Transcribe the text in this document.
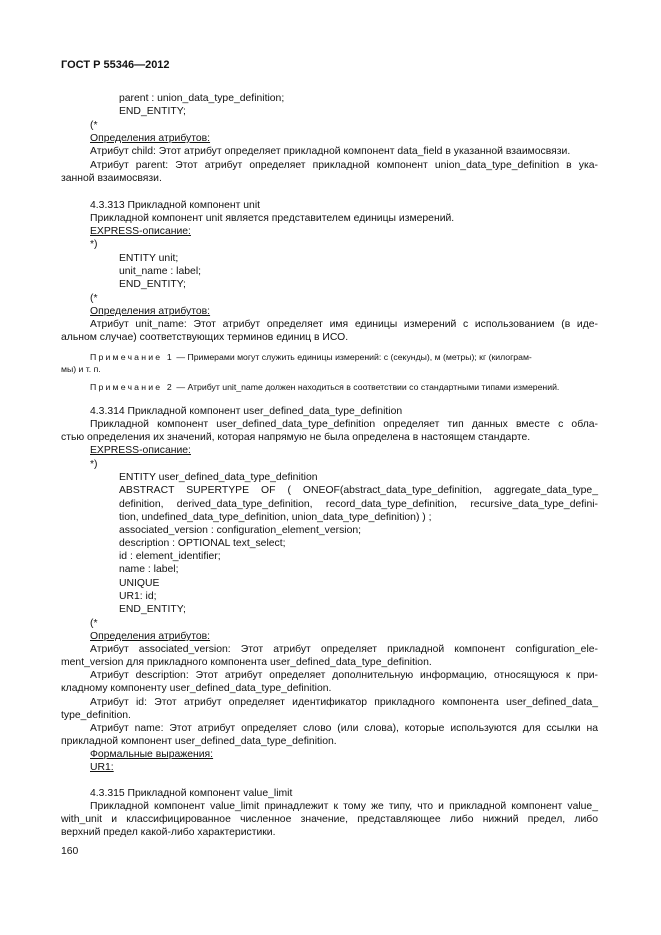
ГОСТ Р 55346—2012
parent : union_data_type_definition;
END_ENTITY;
(*
Определения атрибутов:
Атрибут child: Этот атрибут определяет прикладной компонент data_field в указанной взаимосвязи.
Атрибут parent: Этот атрибут определяет прикладной компонент union_data_type_definition в ука-
занной взаимосвязи.
4.3.313 Прикладной компонент unit
Прикладной компонент unit является представителем единицы измерений.
EXPRESS-описание:
*)
ENTITY unit;
unit_name : label;
END_ENTITY;
(*
Определения атрибутов:
Атрибут unit_name: Этот атрибут определяет имя единицы измерений с использованием (в иде-
альном случае) соответствующих терминов единиц в ИСО.
Примечание 1 — Примерами могут служить единицы измерений: с (секунды), м (метры); кг (килограм-
мы) и т. п.
Примечание 2 — Атрибут unit_name должен находиться в соответствии со стандартными типами измерений.
4.3.314 Прикладной компонент user_defined_data_type_definition
Прикладной компонент user_defined_data_type_definition определяет тип данных вместе с обла-
стью определения их значений, которая напрямую не была определена в настоящем стандарте.
EXPRESS-описание:
*)
ENTITY user_defined_data_type_definition
ABSTRACT SUPERTYPE OF ( ONEOF(abstract_data_type_definition, aggregate_data_type_
definition, derived_data_type_definition, record_data_type_definition, recursive_data_type_defini-
tion, undefined_data_type_definition, union_data_type_definition) ) ;
associated_version : configuration_element_version;
description : OPTIONAL text_select;
id : element_identifier;
name : label;
UNIQUE
UR1: id;
END_ENTITY;
(*
Определения атрибутов:
Атрибут associated_version: Этот атрибут определяет прикладной компонент configuration_ele-
ment_version для прикладного компонента user_defined_data_type_definition.
Атрибут description: Этот атрибут определяет дополнительную информацию, относящуюся к при-
кладному компоненту user_defined_data_type_definition.
Атрибут id: Этот атрибут определяет идентификатор прикладного компонента user_defined_data_
type_definition.
Атрибут name: Этот атрибут определяет слово (или слова), которые используются для ссылки на
прикладной компонент user_defined_data_type_definition.
Формальные выражения:
UR1:
4.3.315 Прикладной компонент value_limit
Прикладной компонент value_limit принадлежит к тому же типу, что и прикладной компонент value_
with_unit и классифицированное численное значение, представляющее либо нижний предел, либо
верхний предел какой-либо характеристики.
160
